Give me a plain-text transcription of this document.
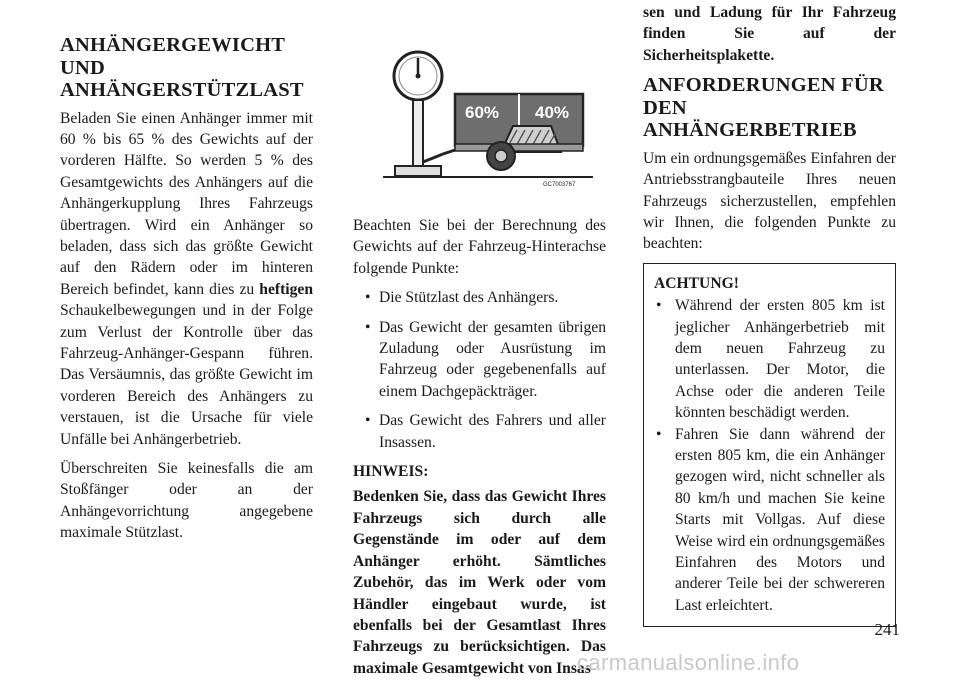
ANHÄNGERGEWICHT UND
ANHÄNGERSTÜTZLAST

Beladen Sie einen Anhänger immer mit 60 % bis 65 % des Gewichts auf der vorderen Hälfte. So werden 5 % des Gesamtgewichts des Anhängers auf die Anhängerkupplung Ihres Fahrzeugs übertragen. Wird ein Anhänger so beladen, dass sich das größte Gewicht auf den Rädern oder im hinteren Bereich befindet, kann dies zu heftigen Schaukelbewegungen und in der Folge zum Verlust der Kontrolle über das Fahrzeug-Anhänger-Gespann führen. Das Versäumnis, das größte Gewicht im vorderen Bereich des Anhängers zu verstauen, ist die Ursache für viele Unfälle bei Anhängerbetrieb.

Überschreiten Sie keinesfalls die am Stoßfänger oder an der Anhängevorrichtung angegebene maximale Stützlast.

60% 40%
GC7003767

Beachten Sie bei der Berechnung des Gewichts auf der Fahrzeug-Hinterachse folgende Punkte:

• Die Stützlast des Anhängers.
• Das Gewicht der gesamten übrigen Zuladung oder Ausrüstung im Fahrzeug oder gegebenenfalls auf einem Dachgepäckträger.
• Das Gewicht des Fahrers und aller Insassen.

HINWEIS:

Bedenken Sie, dass das Gewicht Ihres Fahrzeugs sich durch alle Gegenstände im oder auf dem Anhänger erhöht. Sämtliches Zubehör, das im Werk oder vom Händler eingebaut wurde, ist ebenfalls bei der Gesamtlast Ihres Fahrzeugs zu berücksichtigen. Das maximale Gesamtgewicht von Insas-

sen und Ladung für Ihr Fahrzeug finden Sie auf der Sicherheitsplakette.

ANFORDERUNGEN FÜR
DEN ANHÄNGERBETRIEB

Um ein ordnungsgemäßes Einfahren der Antriebsstrangbauteile Ihres neuen Fahrzeugs sicherzustellen, empfehlen wir Ihnen, die folgenden Punkte zu beachten:

ACHTUNG!
• Während der ersten 805 km ist jeglicher Anhängerbetrieb mit dem neuen Fahrzeug zu unterlassen. Der Motor, die Achse oder die anderen Teile könnten beschädigt werden.
• Fahren Sie dann während der ersten 805 km, die ein Anhänger gezogen wird, nicht schneller als 80 km/h und machen Sie keine Starts mit Vollgas. Auf diese Weise wird ein ordnungsgemäßes Einfahren des Motors und anderer Teile bei der schwereren Last erleichtert.
241
carmanualsonline.info
